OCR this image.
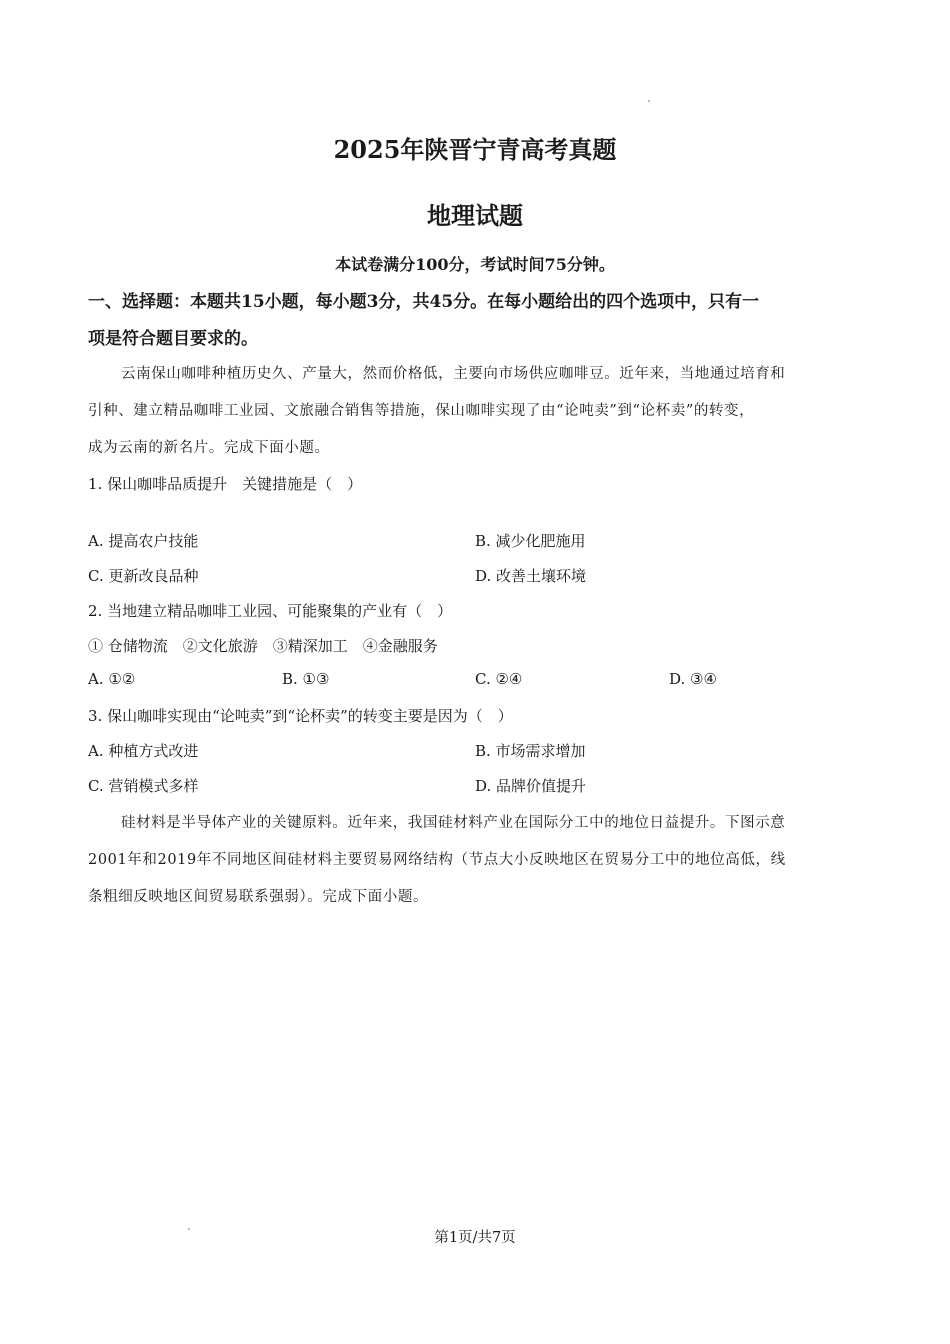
2025年陕晋宁青高考真题
地理试题
本试卷满分100分，考试时间75分钟。
一、选择题：本题共15小题，每小题3分，共45分。在每小题给出的四个选项中，只有一
项是符合题目要求的。
云南保山咖啡种植历史久、产量大，然而价格低，主要向市场供应咖啡豆。近年来，当地通过培育和
引种、建立精品咖啡工业园、文旅融合销售等措施，保山咖啡实现了由“论吨卖”到“论杯卖”的转变，
成为云南的新名片。完成下面小题。
1. 保山咖啡品质提升　关键措施是（　）
A. 提高农户技能	B. 减少化肥施用
C. 更新改良品种	D. 改善土壤环境
2. 当地建立精品咖啡工业园、可能聚集的产业有（　）
① 仓储物流　②文化旅游　③精深加工　④金融服务
A. ①②	B. ①③	C. ②④	D. ③④
3. 保山咖啡实现由“论吨卖”到“论杯卖”的转变主要是因为（　）
A. 种植方式改进	B. 市场需求增加
C. 营销模式多样	D. 品牌价值提升
硅材料是半导体产业的关键原料。近年来，我国硅材料产业在国际分工中的地位日益提升。下图示意
2001年和2019年不同地区间硅材料主要贸易网络结构（节点大小反映地区在贸易分工中的地位高低，线
条粗细反映地区间贸易联系强弱）。完成下面小题。
第1页/共7页
